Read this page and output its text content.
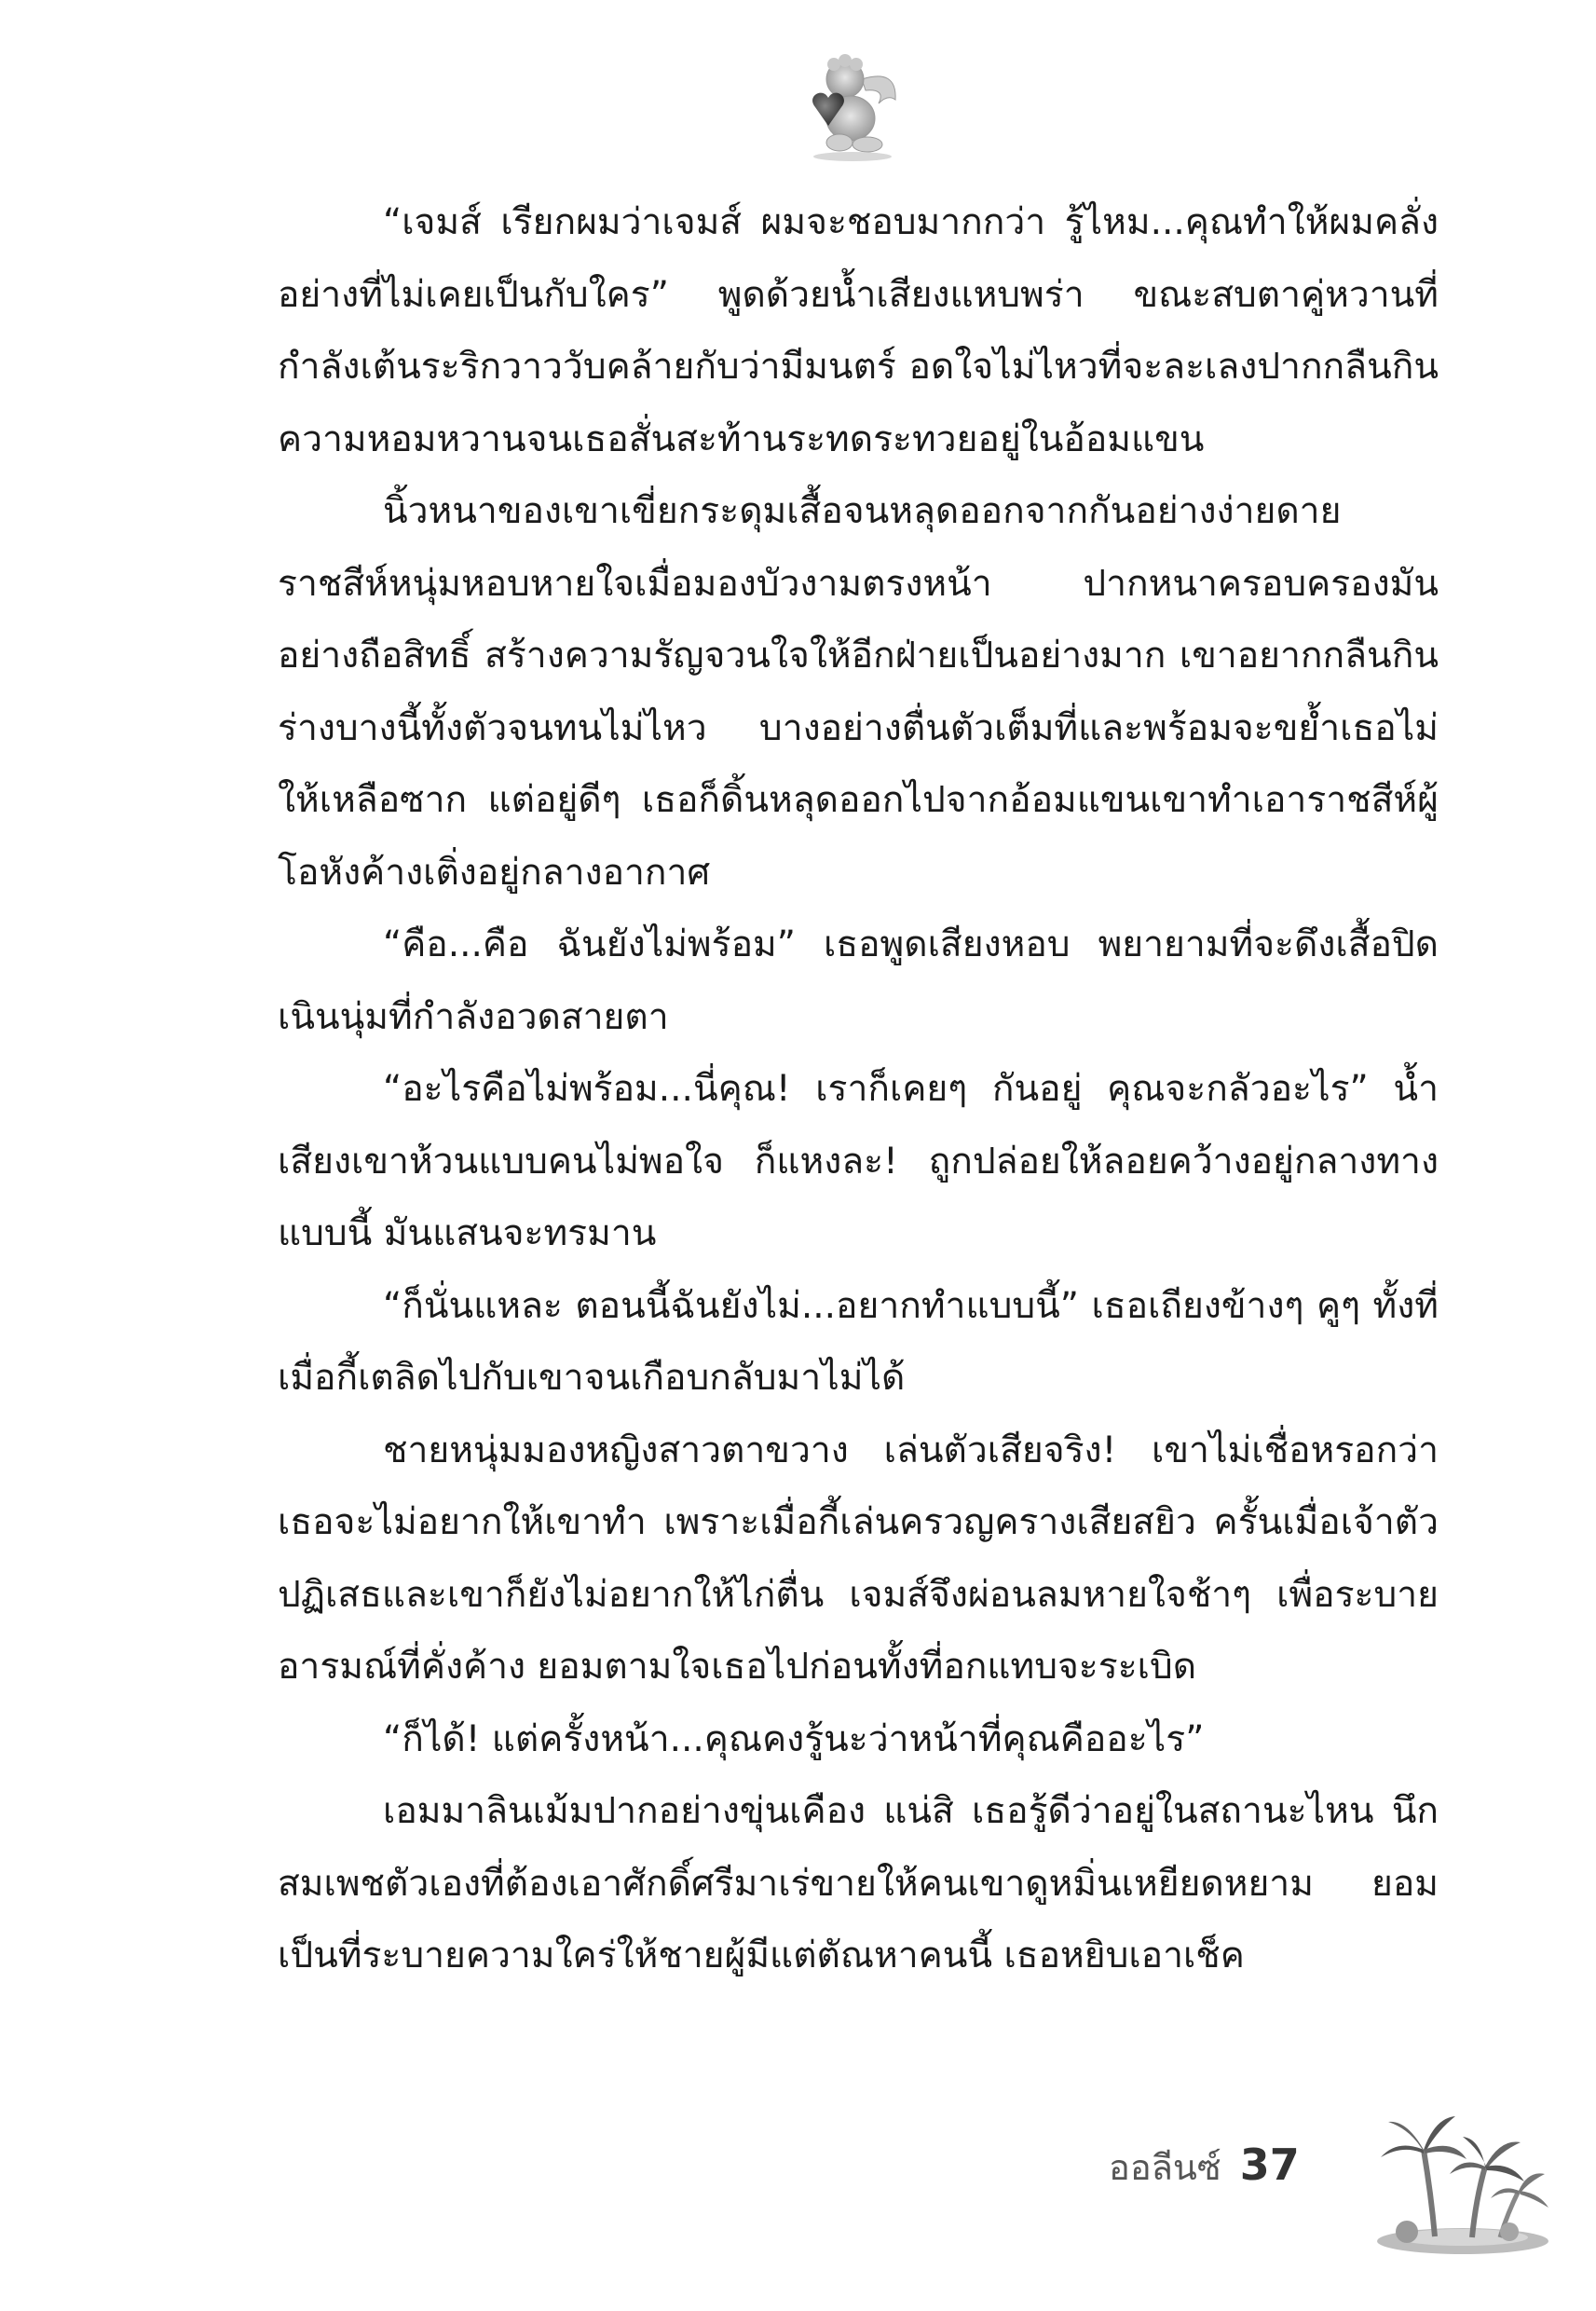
“เจมส์ เรียกผมว่าเจมส์ ผมจะชอบมากกว่า รู้ไหม...คุณทำให้ผมคลั่งอย่างที่ไม่เคยเป็นกับใคร” พูดด้วยน้ำเสียงแหบพร่า ขณะสบตาคู่หวานที่กำลังเต้นระริกวาววับคล้ายกับว่ามีมนตร์ อดใจไม่ไหวที่จะละเลงปากกลืนกินความหอมหวานจนเธอสั่นสะท้านระทดระทวยอยู่ในอ้อมแขน

นิ้วหนาของเขาเขี่ยกระดุมเสื้อจนหลุดออกจากกันอย่างง่ายดาย ราชสีห์หนุ่มหอบหายใจเมื่อมองบัวงามตรงหน้า ปากหนาครอบครองมันอย่างถือสิทธิ์ สร้างความรัญจวนใจให้อีกฝ่ายเป็นอย่างมาก เขาอยากกลืนกินร่างบางนี้ทั้งตัวจนทนไม่ไหว บางอย่างตื่นตัวเต็มที่และพร้อมจะขย้ำเธอไม่ให้เหลือซาก แต่อยู่ดีๆ เธอก็ดิ้นหลุดออกไปจากอ้อมแขนเขาทำเอาราชสีห์ผู้โอหังค้างเติ่งอยู่กลางอากาศ

“คือ...คือ ฉันยังไม่พร้อม” เธอพูดเสียงหอบ พยายามที่จะดึงเสื้อปิดเนินนุ่มที่กำลังอวดสายตา

“อะไรคือไม่พร้อม...นี่คุณ! เราก็เคยๆ กันอยู่ คุณจะกลัวอะไร” น้ำเสียงเขาห้วนแบบคนไม่พอใจ ก็แหงละ! ถูกปล่อยให้ลอยคว้างอยู่กลางทางแบบนี้ มันแสนจะทรมาน

“ก็นั่นแหละ ตอนนี้ฉันยังไม่...อยากทำแบบนี้” เธอเถียงข้างๆ คูๆ ทั้งที่เมื่อกี้เตลิดไปกับเขาจนเกือบกลับมาไม่ได้

ชายหนุ่มมองหญิงสาวตาขวาง เล่นตัวเสียจริง! เขาไม่เชื่อหรอกว่าเธอจะไม่อยากให้เขาทำ เพราะเมื่อกี้เล่นครวญครางเสียสยิว ครั้นเมื่อเจ้าตัวปฏิเสธและเขาก็ยังไม่อยากให้ไก่ตื่น เจมส์จึงผ่อนลมหายใจช้าๆ เพื่อระบายอารมณ์ที่คั่งค้าง ยอมตามใจเธอไปก่อนทั้งที่อกแทบจะระเบิด

“ก็ได้! แต่ครั้งหน้า...คุณคงรู้นะว่าหน้าที่คุณคืออะไร”

เอมมาลินเม้มปากอย่างขุ่นเคือง แน่สิ เธอรู้ดีว่าอยู่ในสถานะไหน นึกสมเพชตัวเองที่ต้องเอาศักดิ์ศรีมาเร่ขายให้คนเขาดูหมิ่นเหยียดหยาม ยอมเป็นที่ระบายความใคร่ให้ชายผู้มีแต่ตัณหาคนนี้ เธอหยิบเอาเช็ค

ออลีนซ์ 37
